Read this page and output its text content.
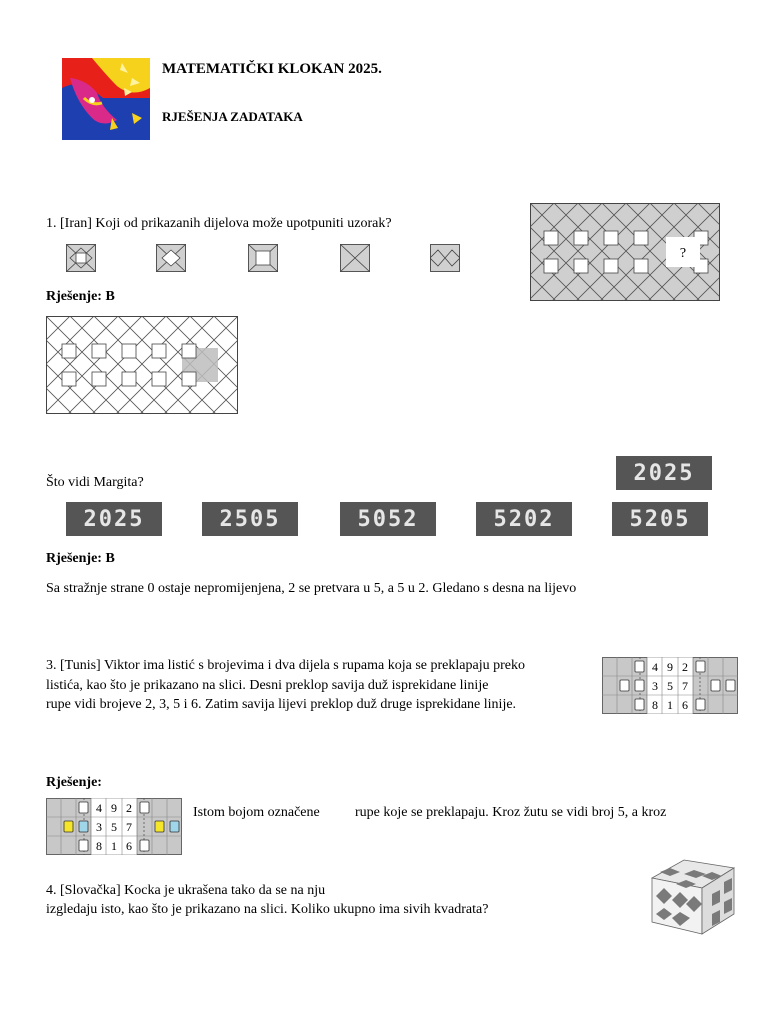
MATEMATIČKI KLOKAN 2025.
RJEŠENJA ZADATAKA
1. [Iran] Koji od prikazanih dijelova može upotpuniti uzorak?
?
Rješenje: B
Što vidi Margita?	2025
2025	2505	5052	5202	5205
Rješenje: B
Sa stražnje strane 0 ostaje nepromijenjena, 2 se pretvara u 5, a 5 u 2. Gledano s desna na lijevo
3. [Tunis] Viktor ima listić s brojevima i dva dijela s rupama koja se preklapaju preko
listića, kao što je prikazano na slici. Desni preklop savija duž isprekidane linije
rupe vidi brojeve 2, 3, 5 i 6. Zatim savija lijevi preklop duž druge isprekidane linije.
4 9 2
3 5 7
8 1 6
Rješenje:
4 9 2
3 5 7
8 1 6
Istom bojom označene	rupe koje se preklapaju. Kroz žutu se vidi broj 5, a kroz
4. [Slovačka] Kocka je ukrašena tako da se na nju
izgledaju isto, kao što je prikazano na slici. Koliko ukupno ima sivih kvadrata?
